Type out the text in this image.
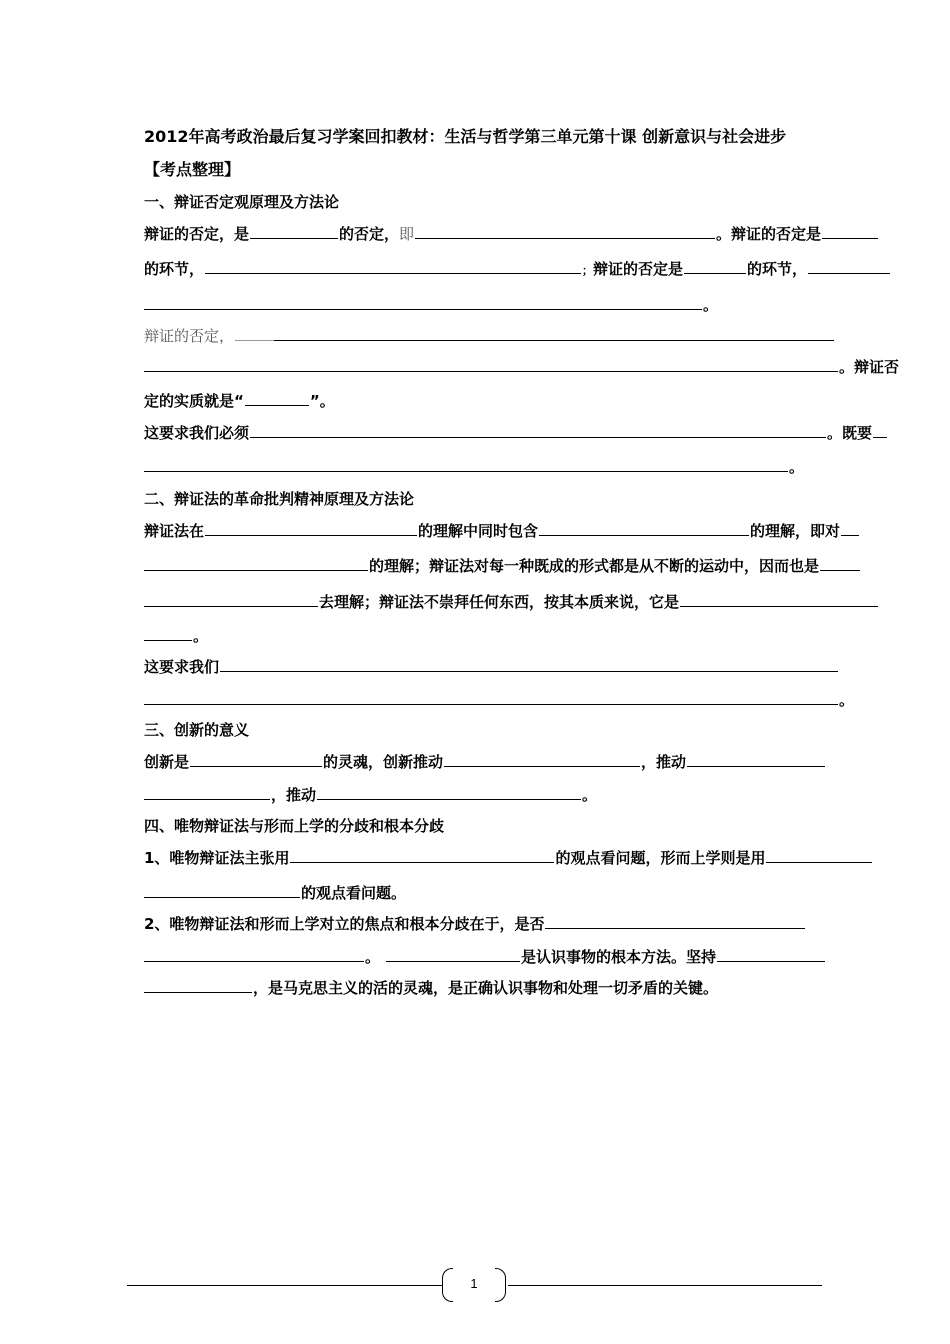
2012年高考政治最后复习学案回扣教材：生活与哲学第三单元第十课 创新意识与社会进步
【考点整理】
一、辩证否定观原理及方法论
辩证的否定，是	的否定，即	。辩证的否定是
的环节，	；辩证的否定是	的环节，
。
辩证的否定，
。辩证否
定的实质就是“	”。
这要求我们必须	。既要
。
二、辩证法的革命批判精神原理及方法论
辩证法在	的理解中同时包含	的理解，即对
的理解；辩证法对每一种既成的形式都是从不断的运动中，因而也是
去理解；辩证法不崇拜任何东西，按其本质来说，它是
。
这要求我们
。
三、创新的意义
创新是	的灵魂，创新推动	，推动
，推动	。
四、唯物辩证法与形而上学的分歧和根本分歧
1、唯物辩证法主张用	的观点看问题，形而上学则是用
的观点看问题。
2、唯物辩证法和形而上学对立的焦点和根本分歧在于，是否
。	是认识事物的根本方法。坚持
，是马克思主义的活的灵魂，是正确认识事物和处理一切矛盾的关键。
1
